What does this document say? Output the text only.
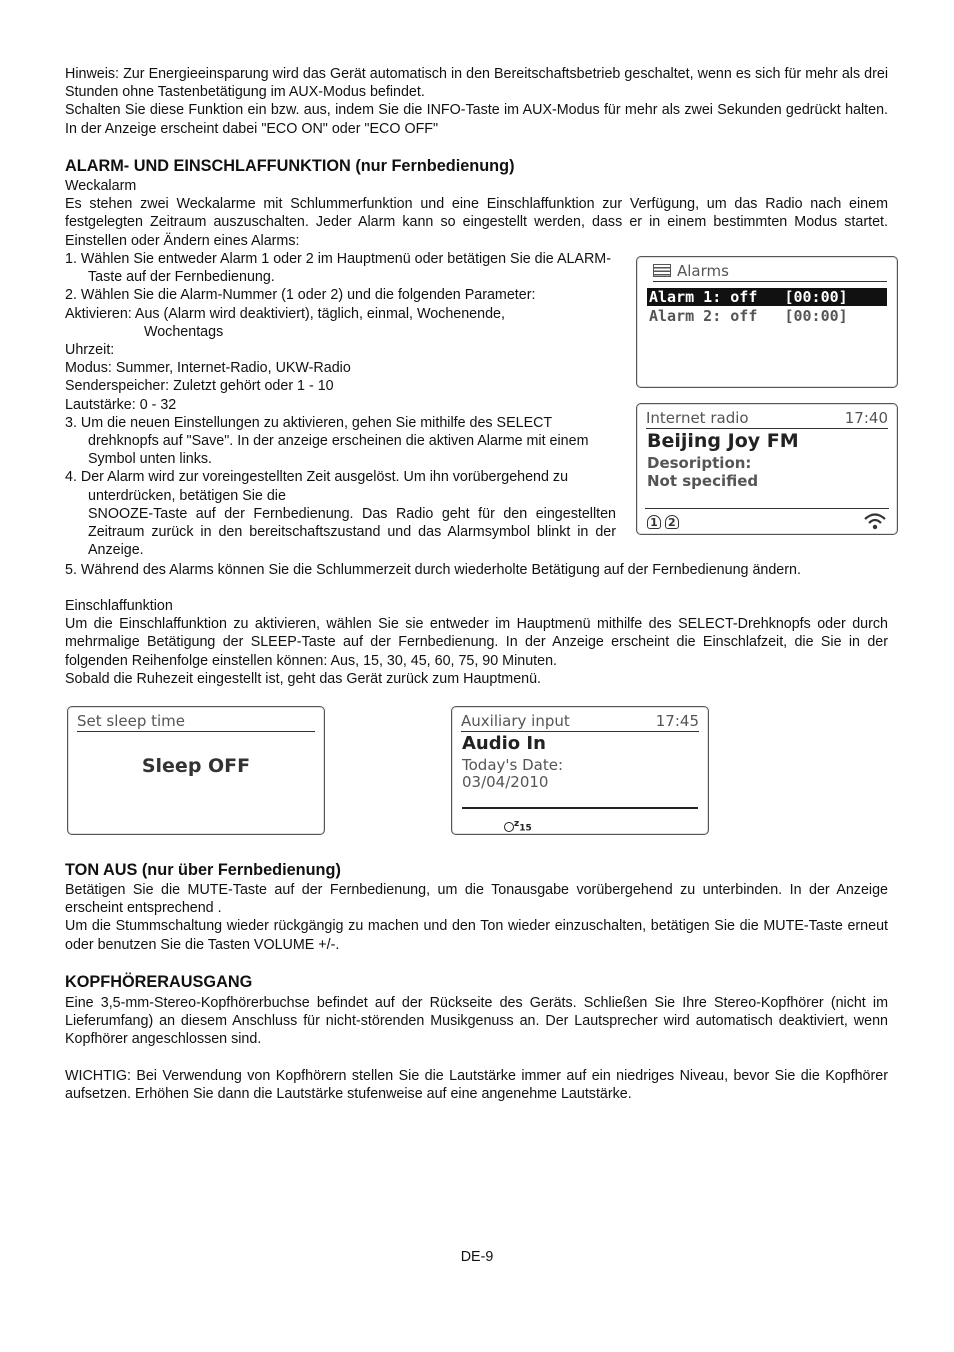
Hinweis: Zur Energieeinsparung wird das Gerät automatisch in den Bereitschaftsbetrieb geschaltet, wenn es sich für mehr als drei Stunden ohne Tastenbetätigung im AUX-Modus befindet.

Schalten Sie diese Funktion ein bzw. aus, indem Sie die INFO-Taste im AUX-Modus für mehr als zwei Sekunden gedrückt halten. In der Anzeige erscheint dabei "ECO ON" oder "ECO OFF"

ALARM- UND EINSCHLAFFUNKTION (nur Fernbedienung)

Weckalarm

Es stehen zwei Weckalarme mit Schlummerfunktion und eine Einschlaffunktion zur Verfügung, um das Radio nach einem festgelegten Zeitraum auszuschalten. Jeder Alarm kann so eingestellt werden, dass er in einem bestimmten Modus startet. Einstellen oder Ändern eines Alarms:

1. Wählen Sie entweder Alarm 1 oder 2 im Hauptmenü oder betätigen Sie die ALARM-Taste auf der Fernbedienung.

2. Wählen Sie die Alarm-Nummer (1 oder 2) und die folgenden Parameter:

Aktivieren: Aus (Alarm wird deaktiviert), täglich, einmal, Wochenende,

Wochentags

Uhrzeit:

Modus: Summer, Internet-Radio, UKW-Radio

Senderspeicher: Zuletzt gehört oder 1 - 10

Lautstärke: 0 - 32

3. Um die neuen Einstellungen zu aktivieren, gehen Sie mithilfe des SELECT drehknopfs auf "Save". In der anzeige erscheinen die aktiven Alarme mit einem Symbol unten links.

4. Der Alarm wird zur voreingestellten Zeit ausgelöst. Um ihn vorübergehend zu unterdrücken, betätigen Sie die

SNOOZE-Taste auf der Fernbedienung. Das Radio geht für den eingestellten Zeitraum zurück in den bereitschaftszustand und das Alarmsymbol blinkt in der Anzeige.

5. Während des Alarms können Sie die Schlummerzeit durch wiederholte Betätigung auf der Fernbedienung ändern.

Alarms
Alarm 1: off   [00:00]
Alarm 2: off   [00:00]
Internet radio	17:40
Beijing Joy FM
Desoription:
Not specified
1 2

Einschlaffunktion

Um die Einschlaffunktion zu aktivieren, wählen Sie sie entweder im Hauptmenü mithilfe des SELECT-Drehknopfs oder durch mehrmalige Betätigung der SLEEP-Taste auf der Fernbedienung. In der Anzeige erscheint die Einschlafzeit, die Sie in der folgenden Reihenfolge einstellen können: Aus, 15, 30, 45, 60, 75, 90 Minuten.

Sobald die Ruhezeit eingestellt ist, geht das Gerät zurück zum Hauptmenü.

Set sleep time
Sleep OFF
Auxiliary input	17:45
Audio In
Today's Date:
03/04/2010
$^z$15
TON AUS (nur über Fernbedienung)

Betätigen Sie die MUTE-Taste auf der Fernbedienung, um die Tonausgabe vorübergehend zu unterbinden. In der Anzeige erscheint entsprechend .

Um die Stummschaltung wieder rückgängig zu machen und den Ton wieder einzuschalten, betätigen Sie die MUTE-Taste erneut oder benutzen Sie die Tasten VOLUME +/-.

KOPFHÖRERAUSGANG

Eine 3,5-mm-Stereo-Kopfhörerbuchse befindet auf der Rückseite des Geräts. Schließen Sie Ihre Stereo-Kopfhörer (nicht im Lieferumfang) an diesem Anschluss für nicht-störenden Musikgenuss an. Der Lautsprecher wird automatisch deaktiviert, wenn Kopfhörer angeschlossen sind.

WICHTIG: Bei Verwendung von Kopfhörern stellen Sie die Lautstärke immer auf ein niedriges Niveau, bevor Sie die Kopfhörer aufsetzen. Erhöhen Sie dann die Lautstärke stufenweise auf eine angenehme Lautstärke.

DE-9
